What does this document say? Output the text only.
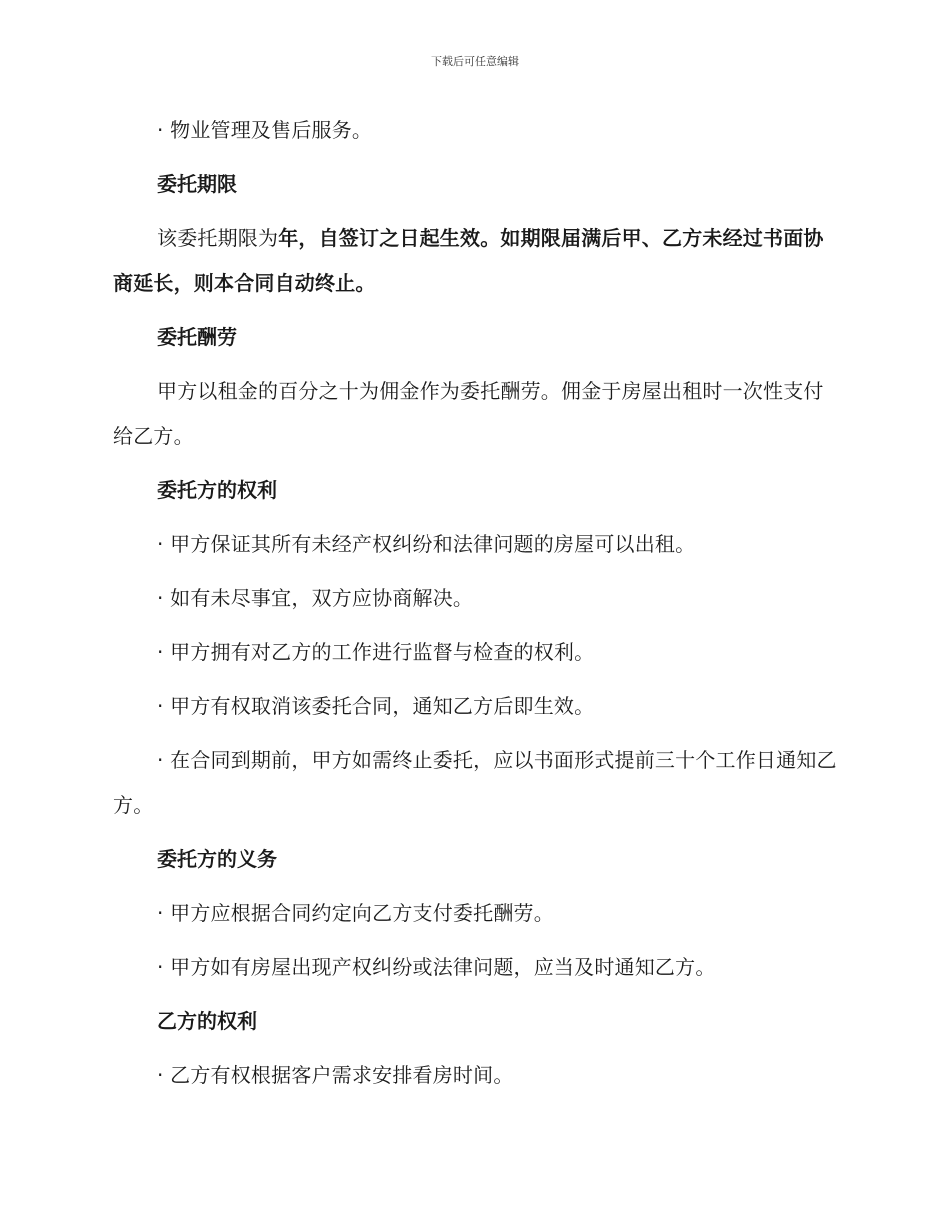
下载后可任意编辑

· 物业管理及售后服务。

委托期限

该委托期限为年，自签订之日起生效。如期限届满后甲、乙方未经过书面协商延长，则本合同自动终止。

委托酬劳

甲方以租金的百分之十为佣金作为委托酬劳。佣金于房屋出租时一次性支付给乙方。

委托方的权利

· 甲方保证其所有未经产权纠纷和法律问题的房屋可以出租。

· 如有未尽事宜，双方应协商解决。

· 甲方拥有对乙方的工作进行监督与检查的权利。

· 甲方有权取消该委托合同，通知乙方后即生效。

· 在合同到期前，甲方如需终止委托，应以书面形式提前三十个工作日通知乙方。

委托方的义务

· 甲方应根据合同约定向乙方支付委托酬劳。

· 甲方如有房屋出现产权纠纷或法律问题，应当及时通知乙方。

乙方的权利

· 乙方有权根据客户需求安排看房时间。
